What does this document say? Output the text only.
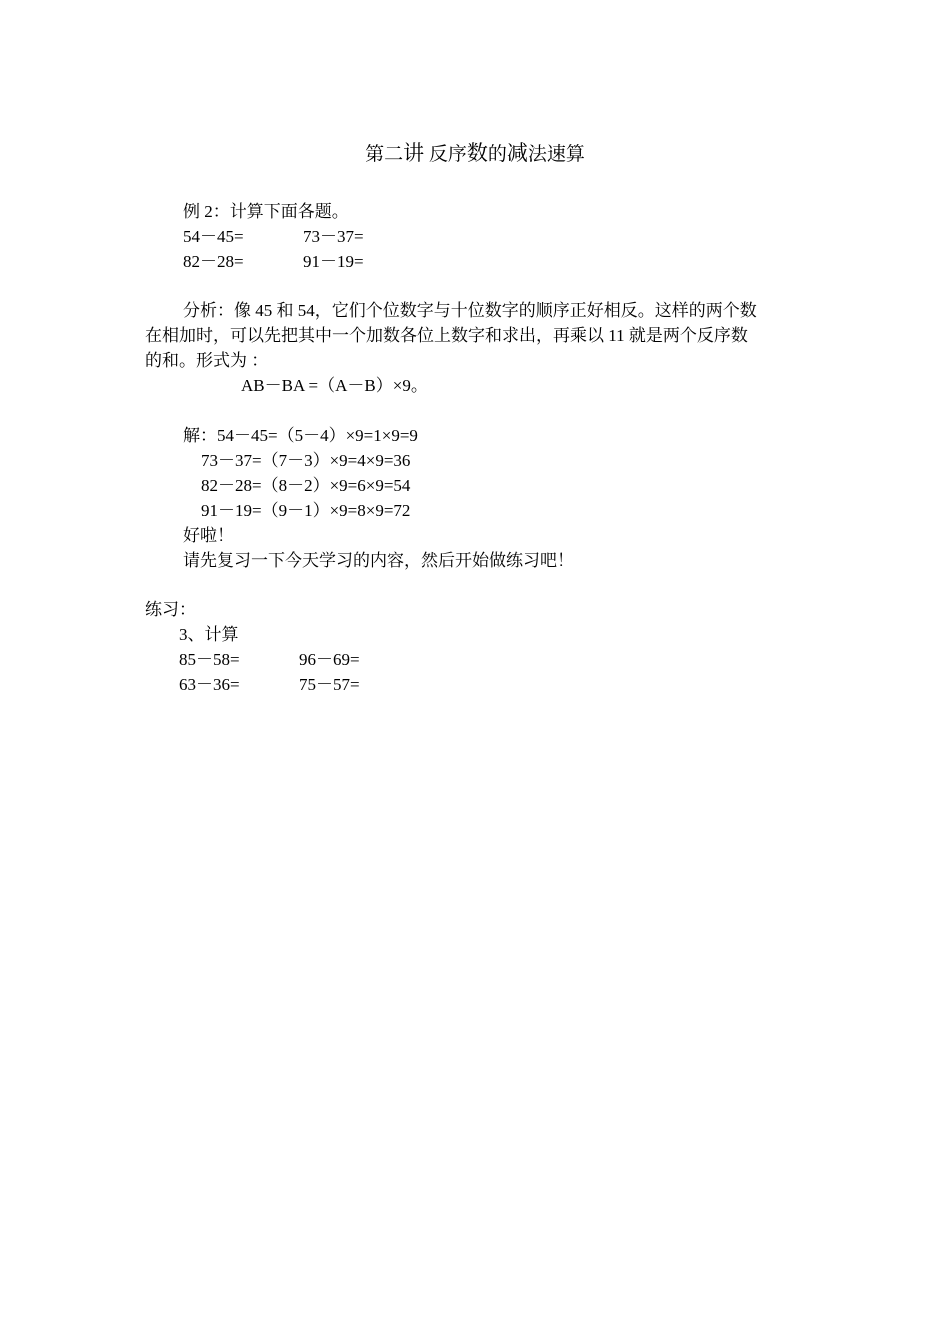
第二讲 反序数的减法速算
例 2：计算下面各题。
54－45=	73－37=
82－28=	91－19=
分析：像 45 和 54，它们个位数字与十位数字的顺序正好相反。这样的两个数
在相加时，可以先把其中一个加数各位上数字和求出，再乘以 11 就是两个反序数
的和。形式为 ：
AB－BA =（A－B）×9。
解：54－45=（5－4）×9=1×9=9
73－37=（7－3）×9=4×9=36
82－28=（8－2）×9=6×9=54
91－19=（9－1）×9=8×9=72
好啦！
请先复习一下今天学习的内容，然后开始做练习吧！
练习：
3、计算
85－58=	96－69=
63－36=	75－57=
